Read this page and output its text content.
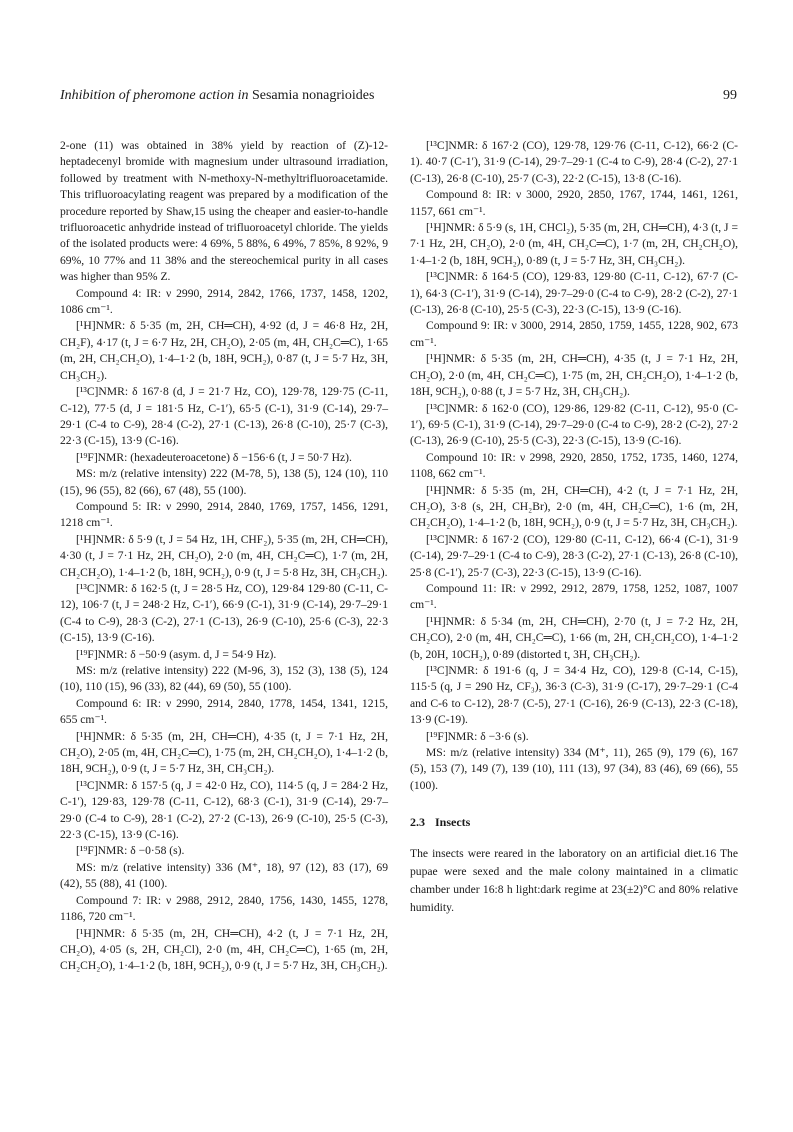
Inhibition of pheromone action in Sesamia nonagrioides	99

2-one (11) was obtained in 38% yield by reaction of (Z)-12-heptadecenyl bromide with magnesium under ultrasound irradiation, followed by treatment with N-methoxy-N-methyltrifluoroacetamide. This trifluoroacylating reagent was prepared by a modification of the procedure reported by Shaw,15 using the cheaper and easier-to-handle trifluoroacetic anhydride instead of trifluoroacetyl chloride. The yields of the isolated products were: 4 69%, 5 88%, 6 49%, 7 85%, 8 92%, 9 69%, 10 77% and 11 38% and the stereochemical purity in all cases was higher than 95% Z.

Compound 4: IR: ν 2990, 2914, 2842, 1766, 1737, 1458, 1202, 1086 cm⁻¹.

[¹H]NMR: δ 5·35 (m, 2H, CH═CH), 4·92 (d, J = 46·8 Hz, 2H, CH₂F), 4·17 (t, J = 6·7 Hz, 2H, CH₂O), 2·05 (m, 4H, CH₂C═C), 1·65 (m, 2H, CH₂CH₂O), 1·4–1·2 (b, 18H, 9CH₂), 0·87 (t, J = 5·7 Hz, 3H, CH₃CH₂).

[¹³C]NMR: δ 167·8 (d, J = 21·7 Hz, CO), 129·78, 129·75 (C-11, C-12), 77·5 (d, J = 181·5 Hz, C-1′), 65·5 (C-1), 31·9 (C-14), 29·7–29·1 (C-4 to C-9), 28·4 (C-2), 27·1 (C-13), 26·8 (C-10), 25·7 (C-3), 22·3 (C-15), 13·9 (C-16).

[¹⁹F]NMR: (hexadeuteroacetone) δ −156·6 (t, J = 50·7 Hz).

MS: m/z (relative intensity) 222 (M-78, 5), 138 (5), 124 (10), 110 (15), 96 (55), 82 (66), 67 (48), 55 (100).

Compound 5: IR: ν 2990, 2914, 2840, 1769, 1757, 1456, 1291, 1218 cm⁻¹.

[¹H]NMR: δ 5·9 (t, J = 54 Hz, 1H, CHF₂), 5·35 (m, 2H, CH═CH), 4·30 (t, J = 7·1 Hz, 2H, CH₂O), 2·0 (m, 4H, CH₂C═C), 1·7 (m, 2H, CH₂CH₂O), 1·4–1·2 (b, 18H, 9CH₂), 0·9 (t, J = 5·8 Hz, 3H, CH₃CH₂).

[¹³C]NMR: δ 162·5 (t, J = 28·5 Hz, CO), 129·84 129·80 (C-11, C-12), 106·7 (t, J = 248·2 Hz, C-1′), 66·9 (C-1), 31·9 (C-14), 29·7–29·1 (C-4 to C-9), 28·3 (C-2), 27·1 (C-13), 26·9 (C-10), 25·6 (C-3), 22·3 (C-15), 13·9 (C-16).

[¹⁹F]NMR: δ −50·9 (asym. d, J = 54·9 Hz).

MS: m/z (relative intensity) 222 (M-96, 3), 152 (3), 138 (5), 124 (10), 110 (15), 96 (33), 82 (44), 69 (50), 55 (100).

Compound 6: IR: ν 2990, 2914, 2840, 1778, 1454, 1341, 1215, 655 cm⁻¹.

[¹H]NMR: δ 5·35 (m, 2H, CH═CH), 4·35 (t, J = 7·1 Hz, 2H, CH₂O), 2·05 (m, 4H, CH₂C═C), 1·75 (m, 2H, CH₂CH₂O), 1·4–1·2 (b, 18H, 9CH₂), 0·9 (t, J = 5·7 Hz, 3H, CH₃CH₂).

[¹³C]NMR: δ 157·5 (q, J = 42·0 Hz, CO), 114·5 (q, J = 284·2 Hz, C-1′), 129·83, 129·78 (C-11, C-12), 68·3 (C-1), 31·9 (C-14), 29·7–29·0 (C-4 to C-9), 28·1 (C-2), 27·2 (C-13), 26·9 (C-10), 25·5 (C-3), 22·3 (C-15), 13·9 (C-16).

[¹⁹F]NMR: δ −0·58 (s).

MS: m/z (relative intensity) 336 (M⁺, 18), 97 (12), 83 (17), 69 (42), 55 (88), 41 (100).

Compound 7: IR: ν 2988, 2912, 2840, 1756, 1430, 1455, 1278, 1186, 720 cm⁻¹.

[¹H]NMR: δ 5·35 (m, 2H, CH═CH), 4·2 (t, J = 7·1 Hz, 2H, CH₂O), 4·05 (s, 2H, CH₂Cl), 2·0 (m, 4H, CH₂C═C), 1·65 (m, 2H, CH₂CH₂O), 1·4–1·2 (b, 18H, 9CH₂), 0·9 (t, J = 5·7 Hz, 3H, CH₃CH₂).

[¹³C]NMR: δ 167·2 (CO), 129·78, 129·76 (C-11, C-12), 66·2 (C-1). 40·7 (C-1′), 31·9 (C-14), 29·7–29·1 (C-4 to C-9), 28·4 (C-2), 27·1 (C-13), 26·8 (C-10), 25·7 (C-3), 22·2 (C-15), 13·8 (C-16).

Compound 8: IR: ν 3000, 2920, 2850, 1767, 1744, 1461, 1261, 1157, 661 cm⁻¹.

[¹H]NMR: δ 5·9 (s, 1H, CHCl₂), 5·35 (m, 2H, CH═CH), 4·3 (t, J = 7·1 Hz, 2H, CH₂O), 2·0 (m, 4H, CH₂C═C), 1·7 (m, 2H, CH₂CH₂O), 1·4–1·2 (b, 18H, 9CH₂), 0·89 (t, J = 5·7 Hz, 3H, CH₃CH₂).

[¹³C]NMR: δ 164·5 (CO), 129·83, 129·80 (C-11, C-12), 67·7 (C-1), 64·3 (C-1′), 31·9 (C-14), 29·7–29·0 (C-4 to C-9), 28·2 (C-2), 27·1 (C-13), 26·8 (C-10), 25·5 (C-3), 22·3 (C-15), 13·9 (C-16).

Compound 9: IR: ν 3000, 2914, 2850, 1759, 1455, 1228, 902, 673 cm⁻¹.

[¹H]NMR: δ 5·35 (m, 2H, CH═CH), 4·35 (t, J = 7·1 Hz, 2H, CH₂O), 2·0 (m, 4H, CH₂C═C), 1·75 (m, 2H, CH₂CH₂O), 1·4–1·2 (b, 18H, 9CH₂), 0·88 (t, J = 5·7 Hz, 3H, CH₃CH₂).

[¹³C]NMR: δ 162·0 (CO), 129·86, 129·82 (C-11, C-12), 95·0 (C-1′), 69·5 (C-1), 31·9 (C-14), 29·7–29·0 (C-4 to C-9), 28·2 (C-2), 27·2 (C-13), 26·9 (C-10), 25·5 (C-3), 22·3 (C-15), 13·9 (C-16).

Compound 10: IR: ν 2998, 2920, 2850, 1752, 1735, 1460, 1274, 1108, 662 cm⁻¹.

[¹H]NMR: δ 5·35 (m, 2H, CH═CH), 4·2 (t, J = 7·1 Hz, 2H, CH₂O), 3·8 (s, 2H, CH₂Br), 2·0 (m, 4H, CH₂C═C), 1·6 (m, 2H, CH₂CH₂O), 1·4–1·2 (b, 18H, 9CH₂), 0·9 (t, J = 5·7 Hz, 3H, CH₃CH₂).

[¹³C]NMR: δ 167·2 (CO), 129·80 (C-11, C-12), 66·4 (C-1), 31·9 (C-14), 29·7–29·1 (C-4 to C-9), 28·3 (C-2), 27·1 (C-13), 26·8 (C-10), 25·8 (C-1′), 25·7 (C-3), 22·3 (C-15), 13·9 (C-16).

Compound 11: IR: ν 2992, 2912, 2879, 1758, 1252, 1087, 1007 cm⁻¹.

[¹H]NMR: δ 5·34 (m, 2H, CH═CH), 2·70 (t, J = 7·2 Hz, 2H, CH₂CO), 2·0 (m, 4H, CH₂C═C), 1·66 (m, 2H, CH₂CH₂CO), 1·4–1·2 (b, 20H, 10CH₂), 0·89 (distorted t, 3H, CH₃CH₂).

[¹³C]NMR: δ 191·6 (q, J = 34·4 Hz, CO), 129·8 (C-14, C-15), 115·5 (q, J = 290 Hz, CF₃), 36·3 (C-3), 31·9 (C-17), 29·7–29·1 (C-4 and C-6 to C-12), 28·7 (C-5), 27·1 (C-16), 26·9 (C-13), 22·3 (C-18), 13·9 (C-19).

[¹⁹F]NMR: δ −3·6 (s).

MS: m/z (relative intensity) 334 (M⁺, 11), 265 (9), 179 (6), 167 (5), 153 (7), 149 (7), 139 (10), 111 (13), 97 (34), 83 (46), 69 (66), 55 (100).

2.3 Insects

The insects were reared in the laboratory on an artificial diet.16 The pupae were sexed and the male colony maintained in a climatic chamber under 16:8 h light:dark regime at 23(±2)°C and 80% relative humidity.
